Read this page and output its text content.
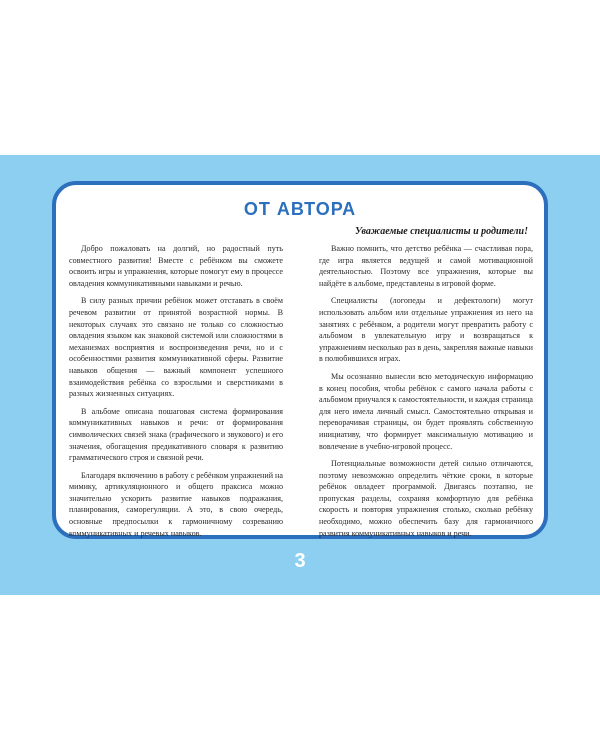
ОТ АВТОРА
Уважаемые специалисты и родители!

Добро пожаловать на долгий, но радостный путь совместного развития! Вместе с ребёнком вы сможете освоить игры и упражнения, которые помогут ему в процессе овладения коммуникативными навыками и речью.

В силу разных причин ребёнок может отставать в своём речевом развитии от принятой возрастной нормы. В некоторых случаях это связано не только со сложностью овладения языком как знаковой системой или сложностями в механизмах восприятия и воспроизведения речи, но и с особенностями развития коммуникативной сферы. Развитие навыков общения — важный компонент успешного взаимодействия ребёнка со взрослыми и сверстниками в разных жизненных ситуациях.

В альбоме описана пошаговая система формирования коммуникативных навыков и речи: от формирования символических связей знака (графического и звукового) и его значения, обогащения предикативного словаря к развитию грамматического строя и связной речи.

Благодаря включению в работу с ребёнком упражнений на мимику, артикуляционного и общего праксиса можно значительно ускорить развитие навыков подражания, планирования, саморегуляции. А это, в свою очередь, основные предпосылки к гармоничному созреванию коммуникативных и речевых навыков.

Важно помнить, что детство ребёнка — счастливая пора, где игра является ведущей и самой мотивационной деятельностью. Поэтому все упражнения, которые вы найдёте в альбоме, представлены в игровой форме.

Специалисты (логопеды и дефектологи) могут использовать альбом или отдельные упражнения из него на занятиях с ребёнком, а родители могут превратить работу с альбомом в увлекательную игру и возвращаться к упражнениям несколько раз в день, закрепляя важные навыки в полюбившихся играх.

Мы осознанно вынесли всю методическую информацию в конец пособия, чтобы ребёнок с самого начала работы с альбомом приучался к самостоятельности, и каждая страница для него имела личный смысл. Самостоятельно открывая и переворачивая страницы, он будет проявлять собственную инициативу, что формирует максимальную мотивацию и вовлечение в учебно-игровой процесс.

Потенциальные возможности детей сильно отличаются, поэтому невозможно определить чёткие сроки, в которые ребёнок овладеет программой. Двигаясь поэтапно, не пропуская разделы, сохраняя комфортную для ребёнка скорость и повторяя упражнения столько, сколько ребёнку необходимо, можно обеспечить базу для гармоничного развития коммуникативных навыков и речи.

3
